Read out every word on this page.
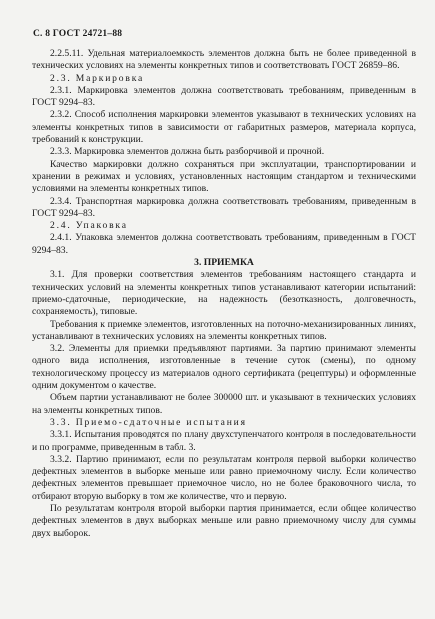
С. 8 ГОСТ 24721–88

2.2.5.11. Удельная материалоемкость элементов должна быть не более приведенной в технических условиях на элементы конкретных типов и соответствовать ГОСТ 26859–86.

2.3. Маркировка

2.3.1. Маркировка элементов должна соответствовать требованиям, приведенным в ГОСТ 9294–83.

2.3.2. Способ исполнения маркировки элементов указывают в технических условиях на элементы конкретных типов в зависимости от габаритных размеров, материала корпуса, требований к конструкции.

2.3.3. Маркировка элементов должна быть разборчивой и прочной.

Качество маркировки должно сохраняться при эксплуатации, транспортировании и хранении в режимах и условиях, установленных настоящим стандартом и техническими условиями на элементы конкретных типов.

2.3.4. Транспортная маркировка должна соответствовать требованиям, приведенным в ГОСТ 9294–83.

2.4. Упаковка

2.4.1. Упаковка элементов должна соответствовать требованиям, приведенным в ГОСТ 9294–83.

3. ПРИЕМКА

3.1. Для проверки соответствия элементов требованиям настоящего стандарта и технических условий на элементы конкретных типов устанавливают категории испытаний: приемо-сдаточные, периодические, на надежность (безотказность, долговечность, сохраняемость), типовые.

Требования к приемке элементов, изготовленных на поточно-механизированных линиях, устанавливают в технических условиях на элементы конкретных типов.

3.2. Элементы для приемки предъявляют партиями. За партию принимают элементы одного вида исполнения, изготовленные в течение суток (смены), по одному технологическому процессу из материалов одного сертификата (рецептуры) и оформленные одним документом о качестве.

Объем партии устанавливают не более 300000 шт. и указывают в технических условиях на элементы конкретных типов.

3.3. Приемо-сдаточные испытания

3.3.1. Испытания проводятся по плану двухступенчатого контроля в последовательности и по программе, приведенным в табл. 3.

3.3.2. Партию принимают, если по результатам контроля первой выборки количество дефектных элементов в выборке меньше или равно приемочному числу. Если количество дефектных элементов превышает приемочное число, но не более браковочного числа, то отбирают вторую выборку в том же количестве, что и первую.

По результатам контроля второй выборки партия принимается, если общее количество дефектных элементов в двух выборках меньше или равно приемочному числу для суммы двух выборок.
